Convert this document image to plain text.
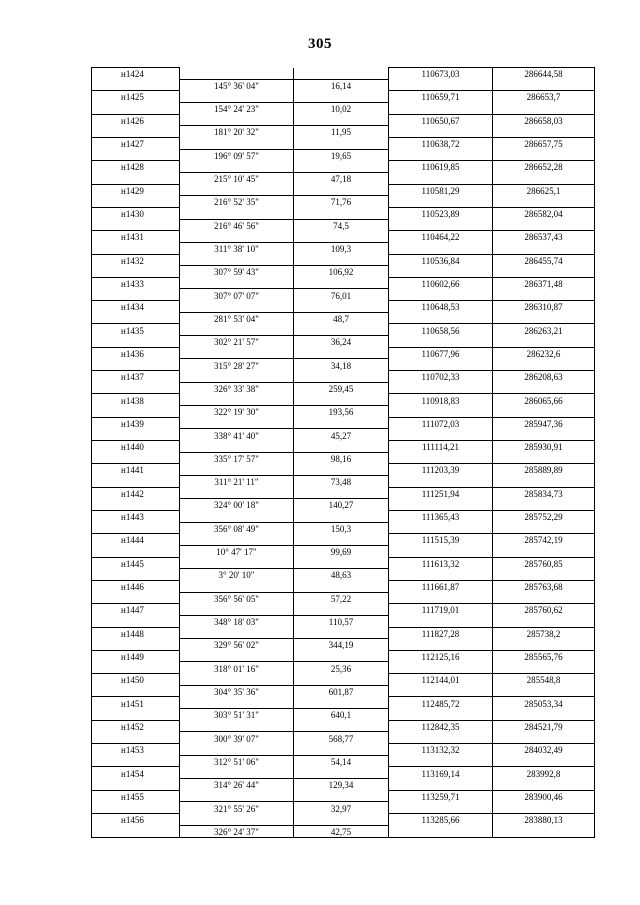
305
н1424			110673,03	286644,58
	145° 36' 04"	16,14		
н1425			110659,71	286653,7
	154° 24' 23"	10,02		
н1426			110650,67	286658,03
	181° 20' 32"	11,95		
н1427			110638,72	286657,75
	196° 09' 57"	19,65		
н1428			110619,85	286652,28
	215° 10' 45"	47,18		
н1429			110581,29	286625,1
	216° 52' 35"	71,76		
н1430			110523,89	286582,04
	216° 46' 56"	74,5		
н1431			110464,22	286537,43
	311° 38' 10"	109,3		
н1432			110536,84	286455,74
	307° 59' 43"	106,92		
н1433			110602,66	286371,48
	307° 07' 07"	76,01		
н1434			110648,53	286310,87
	281° 53' 04"	48,7		
н1435			110658,56	286263,21
	302° 21' 57"	36,24		
н1436			110677,96	286232,6
	315° 28' 27"	34,18		
н1437			110702,33	286208,63
	326° 33' 38"	259,45		
н1438			110918,83	286065,66
	322° 19' 30"	193,56		
н1439			111072,03	285947,36
	338° 41' 40"	45,27		
н1440			111114,21	285930,91
	335° 17' 57"	98,16		
н1441			111203,39	285889,89
	311° 21' 11"	73,48		
н1442			111251,94	285834,73
	324° 00' 18"	140,27		
н1443			111365,43	285752,29
	356° 08' 49"	150,3		
н1444			111515,39	285742,19
	10° 47' 17"	99,69		
н1445			111613,32	285760,85
	3° 20' 10"	48,63		
н1446			111661,87	285763,68
	356° 56' 05"	57,22		
н1447			111719,01	285760,62
	348° 18' 03"	110,57		
н1448			111827,28	285738,2
	329° 56' 02"	344,19		
н1449			112125,16	285565,76
	318° 01' 16"	25,36		
н1450			112144,01	285548,8
	304° 35' 36"	601,87		
н1451			112485,72	285053,34
	303° 51' 31"	640,1		
н1452			112842,35	284521,79
	300° 39' 07"	568,77		
н1453			113132,32	284032,49
	312° 51' 06"	54,14		
н1454			113169,14	283992,8
	314° 26' 44"	129,34		
н1455			113259,71	283900,46
	321° 55' 26"	32,97		
н1456			113285,66	283880,13
	326° 24' 37"	42,75		
